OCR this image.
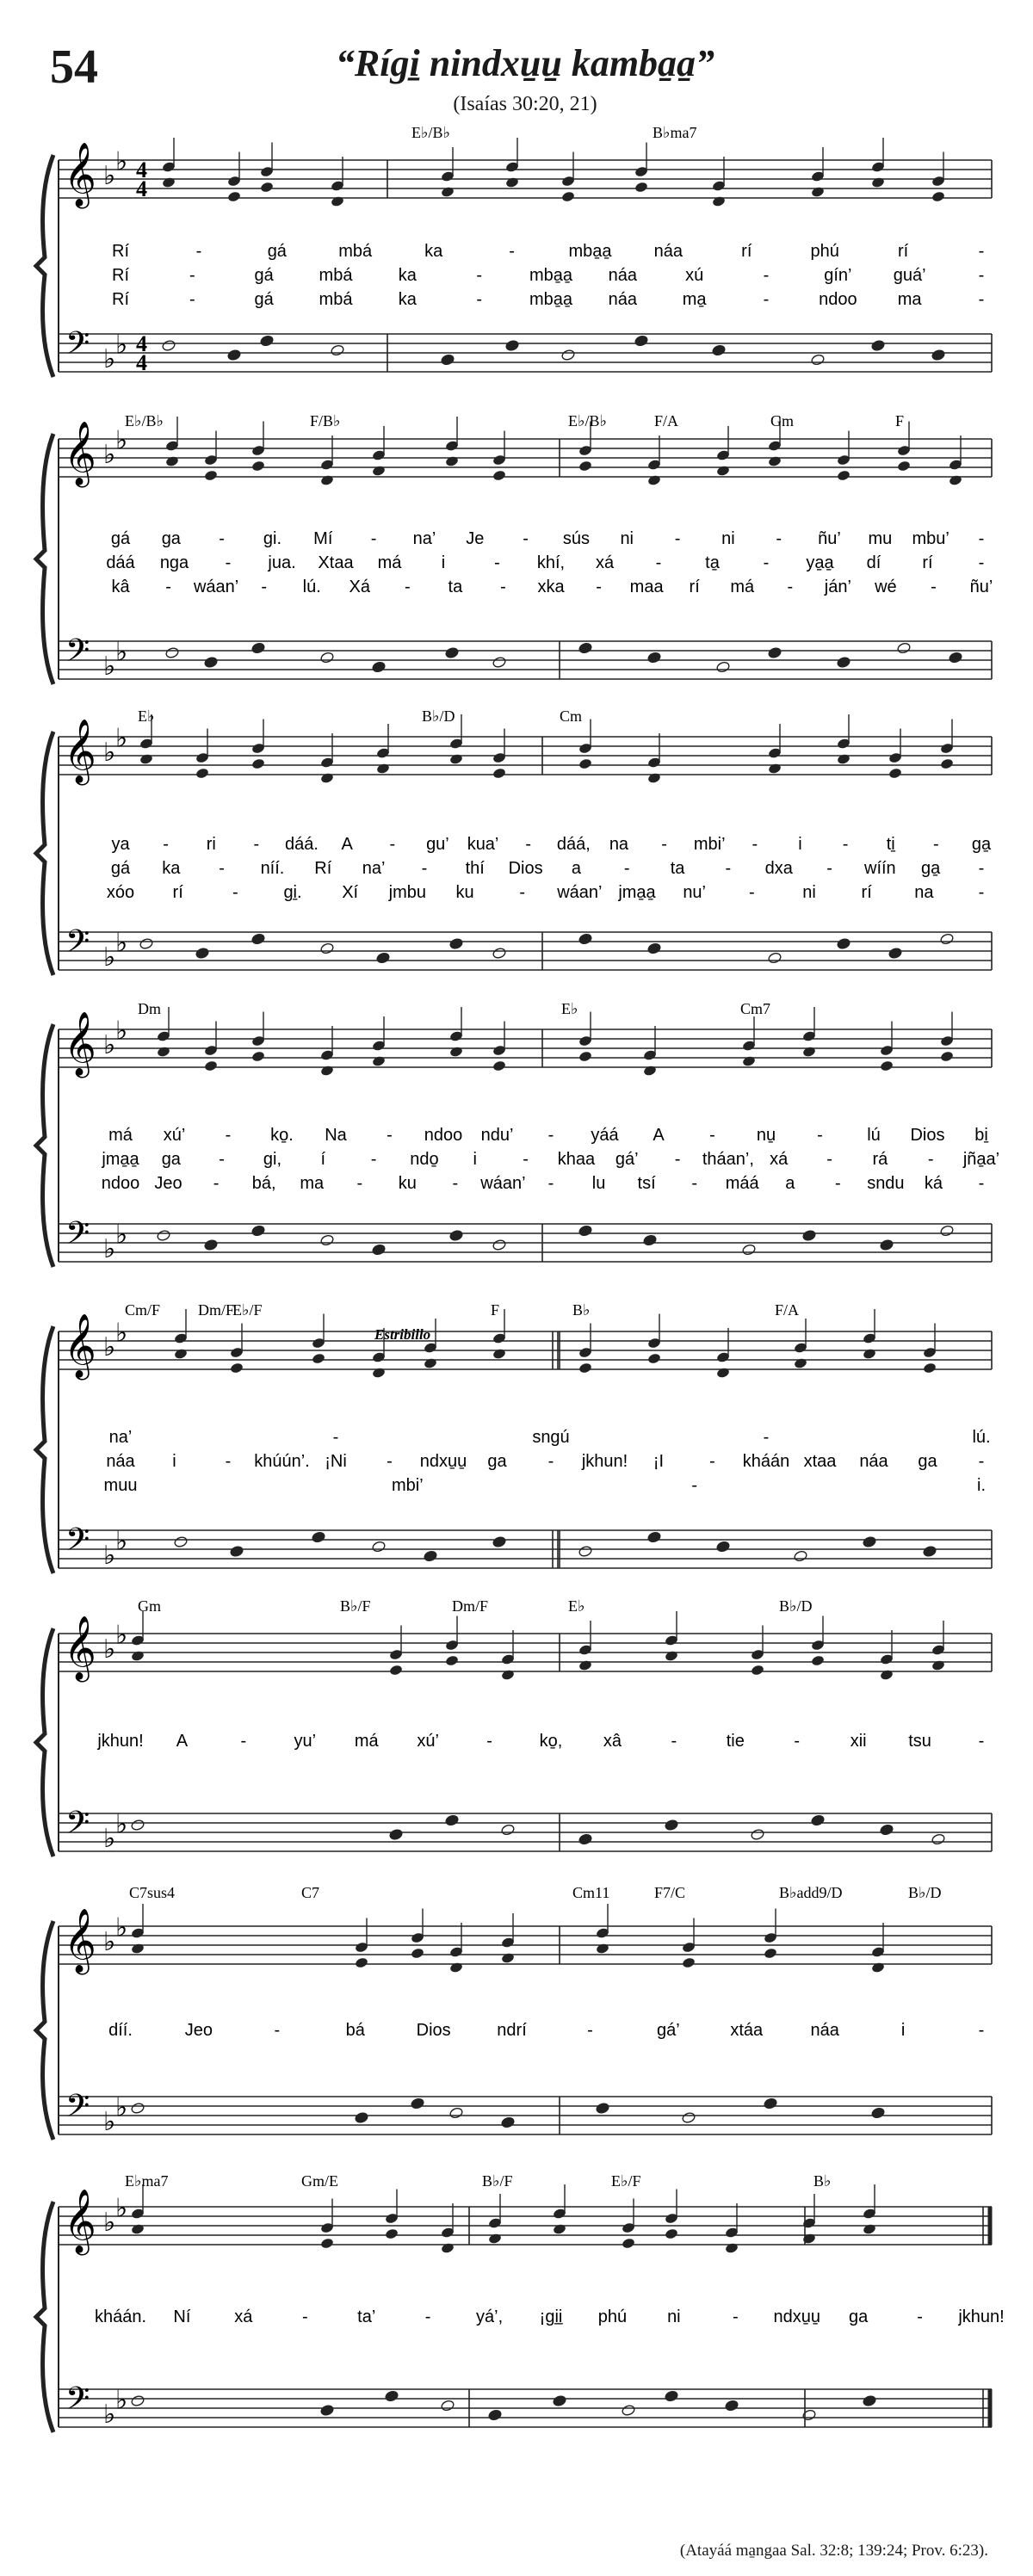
54	“Rígi̱ nindxu̱u̱ kamba̱a̱”
(Isaías 30:20, 21)
𝄞
𝄢
♭ ♭
♭ ♭
4
4
4
4
E♭/B♭	B♭ma7
Rí	-	gá	mbá	ka	-	mba̱a̱ náa	rí	phú	rí	-
Rí	-	gá	mbá	ka	-	mba̱a̱ náa	xú	-	gín’ guá’	-
Rí	-	gá	mbá	ka	-	mba̱a̱ náa	ma̱	-	ndoo ma	-
𝄞
𝄢
♭ ♭
♭ ♭
E♭/B♭	F/B♭	E♭/B♭	F/A	Gm	F
gá ga - gi. Mí - na’ Je - sús ni - ni - ñu’ mu mbu’ -
dáá nga - jua. Xtaa má i	- khí, xá -	ta̱	- ya̱a̱ dí rí	-
kâ - wáan’ - lú. Xá - ta - xka - maa rí má - ján’ wé - ñu’
𝄞
𝄢
♭ ♭
♭ ♭
E♭	B♭/D	Cm
ya - ri - dáá. A - gu’ kua’ - dáá, na - mbi’ - i - ti̱ - ga̱
gá ka - níí. Rí na’ - thí Dios a - ta - dxa - wíín ga̱ -
xóo rí	-	gi̱. Xí jmbu ku	- wáan’ jma̱a̱ nu’ -	ni	rí na	-
𝄞
𝄢
♭ ♭
♭ ♭
Dm	E♭	Cm7
má xú’ - ko̱. Na - ndoo ndu’ - yáá A	- nu̱ -	lú Dios bi̱
jma̱a̱ ga - gi, í	- ndo̱ i	- khaa gá’ - tháan’, xá - rá - jña̱a’
ndoo Jeo - bá, ma - ku - wáan’ - lu tsí - máá a - sndu ká -
𝄞
𝄢
♭ ♭
♭ ♭
Cm/F Dm/F
E♭/F	F	B♭	F/A
Estribillo
na’	-	sngú	-	lú.
náa i	- khúún’. ¡Ni - ndxu̱u̱ ga - jkhun! ¡I	- kháán xtaa náa ga -
muu	mbi’	-	i.
𝄞
𝄢
♭ ♭
♭ ♭
Gm	B♭/F	Dm/F	E♭	B♭/D
jkhun! A	-	yu’ má xú’	-	ko̱, xâ	-	tie	-	xii tsu	-
𝄞
𝄢
♭ ♭
♭ ♭
C7sus4	C7	Cm11	F7/C	B♭add9/D	B♭/D
díí.	Jeo	-	bá	Dios	ndrí	-	gá’	xtáa	náa	i	-
𝄞
𝄢
♭ ♭
♭ ♭
E♭ma7	Gm/E	B♭/F	E♭/F	B♭
kháán. Ní	xá	-	ta’	-	yá’, ¡gi̱i̱ phú ni	- ndxu̱u̱ ga	- jkhun!
(Atayáá ma̱ngaa Sal. 32:8; 139:24; Prov. 6:23).
